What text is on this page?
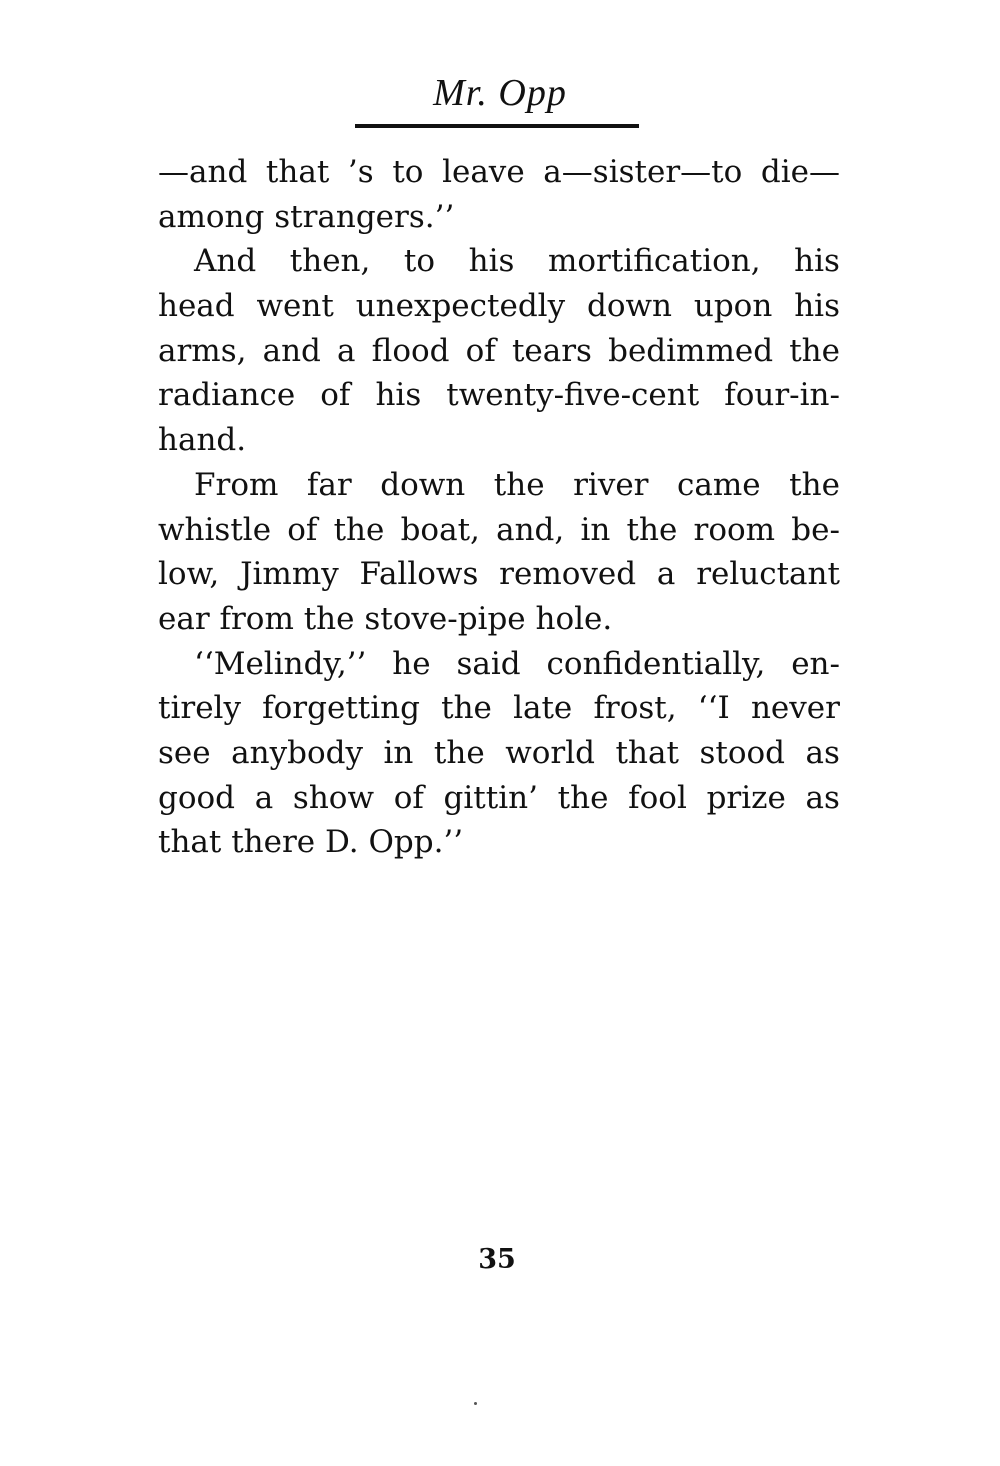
Mr. Opp
—and that ’s to leave a—sister—to die—
among strangers.’’
And then, to his mortification, his
head went unexpectedly down upon his
arms, and a flood of tears bedimmed the
radiance of his twenty-five-cent four-in-
hand.
From far down the river came the
whistle of the boat, and, in the room be-
low, Jimmy Fallows removed a reluctant
ear from the stove-pipe hole.
‘‘Melindy,’’ he said confidentially, en-
tirely forgetting the late frost, ‘‘I never
see anybody in the world that stood as
good a show of gittin’ the fool prize as
that there D. Opp.’’
35
